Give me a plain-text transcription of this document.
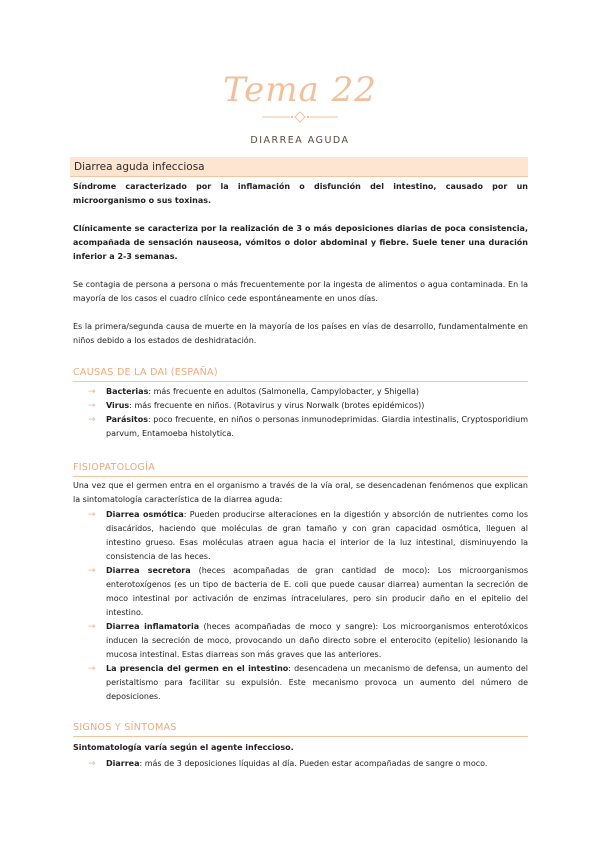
Tema 22
DIARREA AGUDA
Diarrea aguda infecciosa
Síndrome caracterizado por la inflamación o disfunción del intestino, causado por un microorganismo o sus toxinas.
Clínicamente se caracteriza por la realización de 3 o más deposiciones diarias de poca consistencia, acompañada de sensación nauseosa, vómitos o dolor abdominal y fiebre. Suele tener una duración inferior a 2-3 semanas.
Se contagia de persona a persona o más frecuentemente por la ingesta de alimentos o agua contaminada. En la mayoría de los casos el cuadro clínico cede espontáneamente en unos días.
Es la primera/segunda causa de muerte en la mayoría de los países en vías de desarrollo, fundamentalmente en niños debido a los estados de deshidratación.
CAUSAS DE LA DAI (ESPAÑA)
→ Bacterias: más frecuente en adultos (Salmonella, Campylobacter, y Shigella)
→ Virus: más frecuente en niños. (Rotavirus y virus Norwalk (brotes epidémicos))
→ Parásitos: poco frecuente, en niños o personas inmunodeprimidas. Giardia intestinalis, Cryptosporidium parvum, Entamoeba histolytica.
FISIOPATOLOGÍA
Una vez que el germen entra en el organismo a través de la vía oral, se desencadenan fenómenos que explican la sintomatología característica de la diarrea aguda:
→ Diarrea osmótica: Pueden producirse alteraciones en la digestión y absorción de nutrientes como los disacáridos, haciendo que moléculas de gran tamaño y con gran capacidad osmótica, lleguen al intestino grueso. Esas moléculas atraen agua hacia el interior de la luz intestinal, disminuyendo la consistencia de las heces.
→ Diarrea secretora (heces acompañadas de gran cantidad de moco): Los microorganismos enterotoxígenos (es un tipo de bacteria de E. coli que puede causar diarrea) aumentan la secreción de moco intestinal por activación de enzimas intracelulares, pero sin producir daño en el epitelio del intestino.
→ Diarrea inflamatoria (heces acompañadas de moco y sangre): Los microorganismos enterotóxicos inducen la secreción de moco, provocando un daño directo sobre el enterocito (epitelio) lesionando la mucosa intestinal. Estas diarreas son más graves que las anteriores.
→ La presencia del germen en el intestino: desencadena un mecanismo de defensa, un aumento del peristaltismo para facilitar su expulsión. Este mecanismo provoca un aumento del número de deposiciones.
SIGNOS Y SÍNTOMAS
Sintomatología varía según el agente infeccioso.
→ Diarrea: más de 3 deposiciones líquidas al día. Pueden estar acompañadas de sangre o moco.
